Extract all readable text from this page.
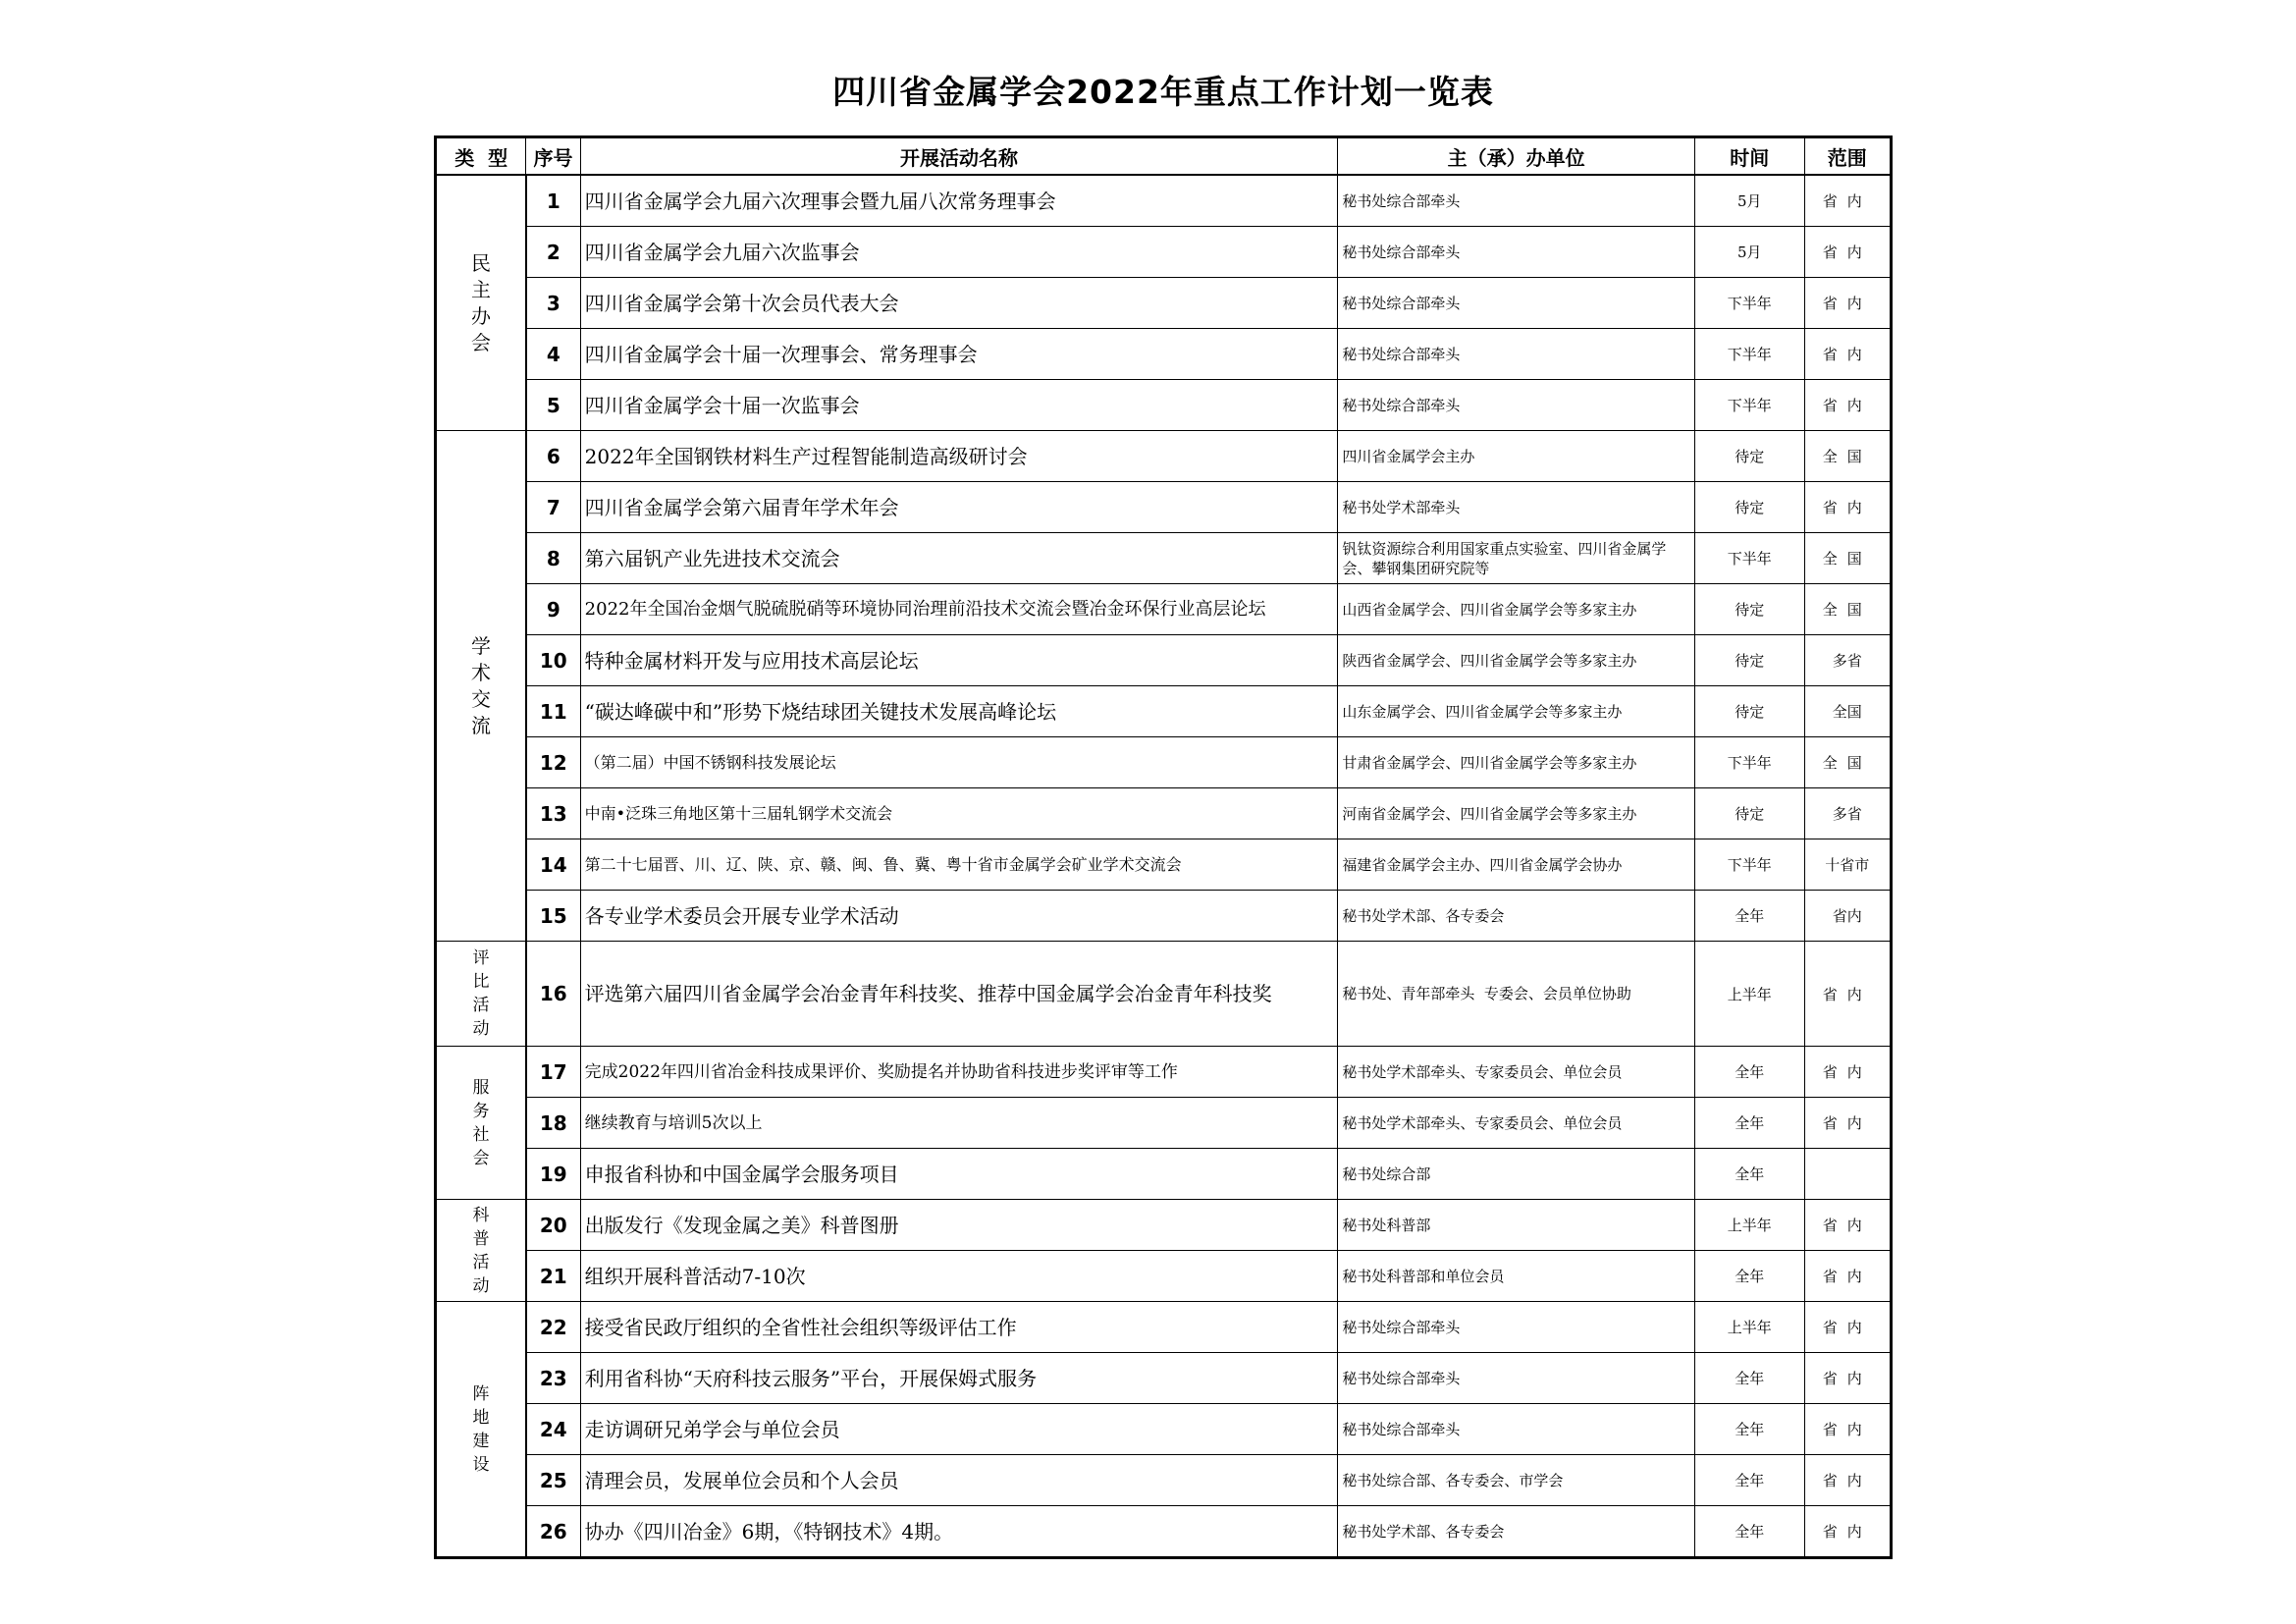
四川省金属学会2022年重点工作计划一览表
类  型	序号	开展活动名称	主（承）办单位	时间	范围
民主办会	1	四川省金属学会九届六次理事会暨九届八次常务理事会	秘书处综合部牵头	5月	省内
	2	四川省金属学会九届六次监事会	秘书处综合部牵头	5月	省内
	3	四川省金属学会第十次会员代表大会	秘书处综合部牵头	下半年	省内
	4	四川省金属学会十届一次理事会、常务理事会	秘书处综合部牵头	下半年	省内
	5	四川省金属学会十届一次监事会	秘书处综合部牵头	下半年	省内
学术交流	6	2022年全国钢铁材料生产过程智能制造高级研讨会	四川省金属学会主办	待定	全国
	7	四川省金属学会第六届青年学术年会	秘书处学术部牵头	待定	省内
	8	第六届钒产业先进技术交流会	钒钛资源综合利用国家重点实验室、四川省金属学会、攀钢集团研究院等	下半年	全国
	9	2022年全国冶金烟气脱硫脱硝等环境协同治理前沿技术交流会暨冶金环保行业高层论坛	山西省金属学会、四川省金属学会等多家主办	待定	全国
	10	特种金属材料开发与应用技术高层论坛	陕西省金属学会、四川省金属学会等多家主办	待定	多省
	11	“碳达峰碳中和”形势下烧结球团关键技术发展高峰论坛	山东金属学会、四川省金属学会等多家主办	待定	全国
	12	（第二届）中国不锈钢科技发展论坛	甘肃省金属学会、四川省金属学会等多家主办	下半年	全国
	13	中南•泛珠三角地区第十三届轧钢学术交流会	河南省金属学会、四川省金属学会等多家主办	待定	多省
	14	第二十七届晋、川、辽、陕、京、赣、闽、鲁、冀、粤十省市金属学会矿业学术交流会	福建省金属学会主办、四川省金属学会协办	下半年	十省市
	15	各专业学术委员会开展专业学术活动	秘书处学术部、各专委会	全年	省内
评比活动	16	评选第六届四川省金属学会冶金青年科技奖、推荐中国金属学会冶金青年科技奖	秘书处、青年部牵头  专委会、会员单位协助	上半年	省内
服务社会	17	完成2022年四川省冶金科技成果评价、奖励提名并协助省科技进步奖评审等工作	秘书处学术部牵头、专家委员会、单位会员	全年	省内
	18	继续教育与培训5次以上	秘书处学术部牵头、专家委员会、单位会员	全年	省内
	19	申报省科协和中国金属学会服务项目	秘书处综合部	全年	
科普活动	20	出版发行《发现金属之美》科普图册	秘书处科普部	上半年	省内
	21	组织开展科普活动7-10次	秘书处科普部和单位会员	全年	省内
阵地建设	22	接受省民政厅组织的全省性社会组织等级评估工作	秘书处综合部牵头	上半年	省内
	23	利用省科协“天府科技云服务”平台，开展保姆式服务	秘书处综合部牵头	全年	省内
	24	走访调研兄弟学会与单位会员	秘书处综合部牵头	全年	省内
	25	清理会员，发展单位会员和个人会员	秘书处综合部、各专委会、市学会	全年	省内
	26	协办《四川冶金》6期，《特钢技术》4期。	秘书处学术部、各专委会	全年	省内
